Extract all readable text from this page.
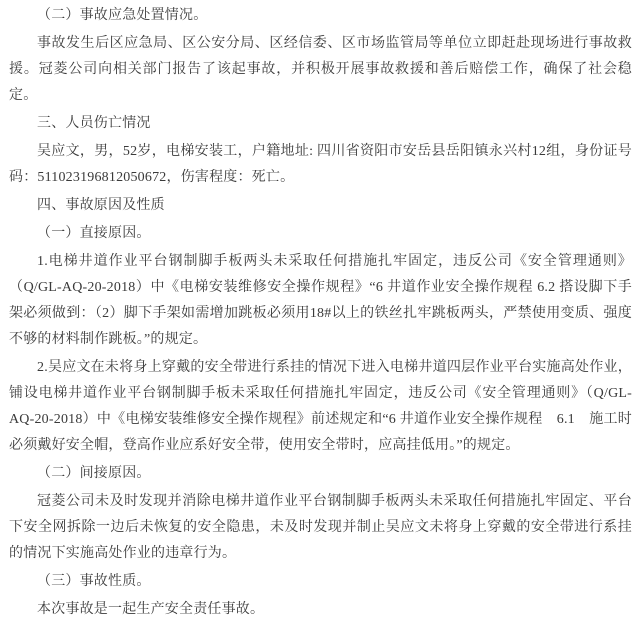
（二）事故应急处置情况。

事故发生后区应急局、区公安分局、区经信委、区市场监管局等单位立即赶赴现场进行事故救援。冠菱公司向相关部门报告了该起事故，并积极开展事故救援和善后赔偿工作，确保了社会稳定。

三、人员伤亡情况

吴应文，男，52岁，电梯安装工，户籍地址: 四川省资阳市安岳县岳阳镇永兴村12组，身份证号码：511023196812050672，伤害程度：死亡。

四、事故原因及性质

（一）直接原因。

1.电梯井道作业平台钢制脚手板两头未采取任何措施扎牢固定，违反公司《安全管理通则》（Q/GL-AQ-20-2018）中《电梯安装维修安全操作规程》“6 井道作业安全操作规程 6.2 搭设脚下手架必须做到：（2）脚下手架如需增加跳板必须用18#以上的铁丝扎牢跳板两头，严禁使用变质、强度不够的材料制作跳板。”的规定。

2.吴应文在未将身上穿戴的安全带进行系挂的情况下进入电梯井道四层作业平台实施高处作业，铺设电梯井道作业平台钢制脚手板未采取任何措施扎牢固定，违反公司《安全管理通则》（Q/GL-AQ-20-2018）中《电梯安装维修安全操作规程》前述规定和“6 井道作业安全操作规程　6.1　施工时必须戴好安全帽，登高作业应系好安全带，使用安全带时，应高挂低用。”的规定。

（二）间接原因。

冠菱公司未及时发现并消除电梯井道作业平台钢制脚手板两头未采取任何措施扎牢固定、平台下安全网拆除一边后未恢复的安全隐患，未及时发现并制止吴应文未将身上穿戴的安全带进行系挂的情况下实施高处作业的违章行为。

（三）事故性质。

本次事故是一起生产安全责任事故。
